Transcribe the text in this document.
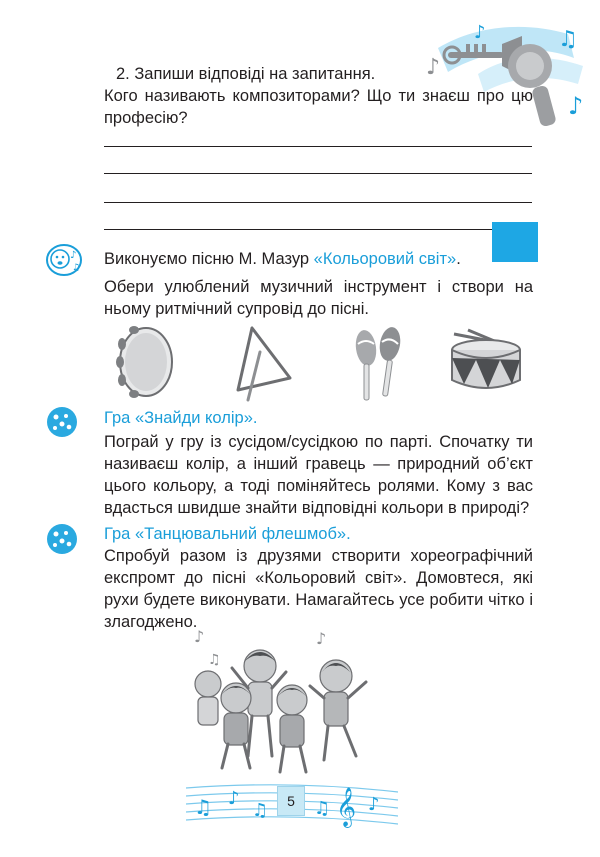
♪
♫
♪
♪
2. Запиши відповіді на запитання.
Кого називають композиторами? Що ти знаєш про цю професію?
♪
♫ Виконуємо пісню М. Мазур «Кольоровий світ».
Обери улюблений музичний інструмент і створи на ньому ритмічний супровід до пісні.
Гра «Знайди колір».
Пограй у гру із сусідом/сусідкою по парті. Спочатку ти називаєш колір, а інший гравець — природний об’єкт цього кольору, а тоді поміняйтесь ролями. Кому з вас вдасться швидше знайти відповідні кольори в природі?
Гра «Танцювальний флешмоб».
Спробуй разом із друзями створити хореографічний експромт до пісні «Кольоровий світ». Домовтеся, які рухи будете виконувати. Намагайтесь усе робити чітко і злагоджено.
♪
♫
♪
♫ ♪
♫	♫ 𝄞 ♪
5
